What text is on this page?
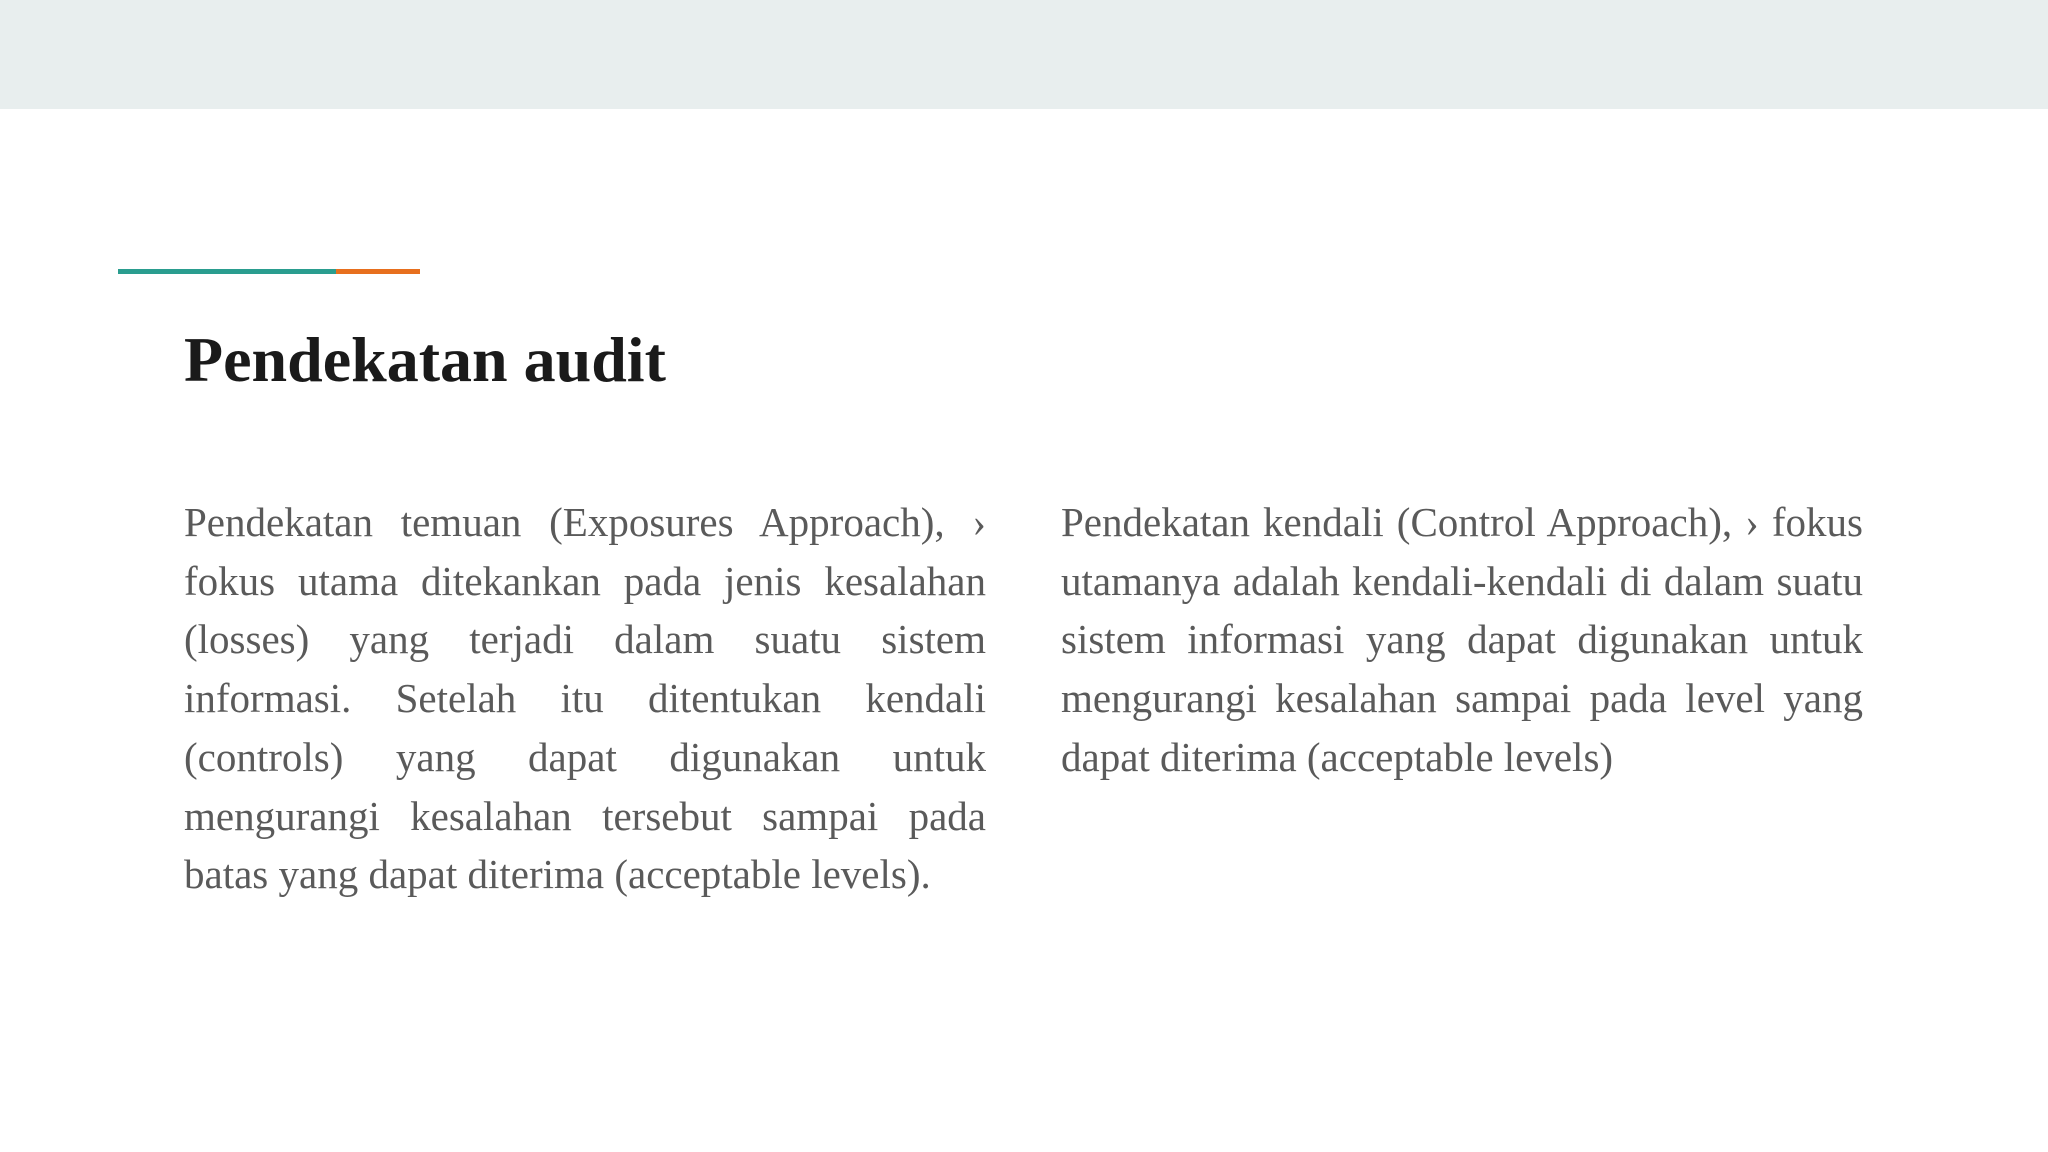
Pendekatan audit

Pendekatan temuan (Exposures Approach), › fokus utama ditekankan pada jenis kesalahan (losses) yang terjadi dalam suatu sistem informasi. Setelah itu ditentukan kendali (controls) yang dapat digunakan untuk mengurangi kesalahan tersebut sampai pada batas yang dapat diterima (acceptable levels).

Pendekatan kendali (Control Approach), › fokus utamanya adalah kendali-kendali di dalam suatu sistem informasi yang dapat digunakan untuk mengurangi kesalahan sampai pada level yang dapat diterima (acceptable levels)
